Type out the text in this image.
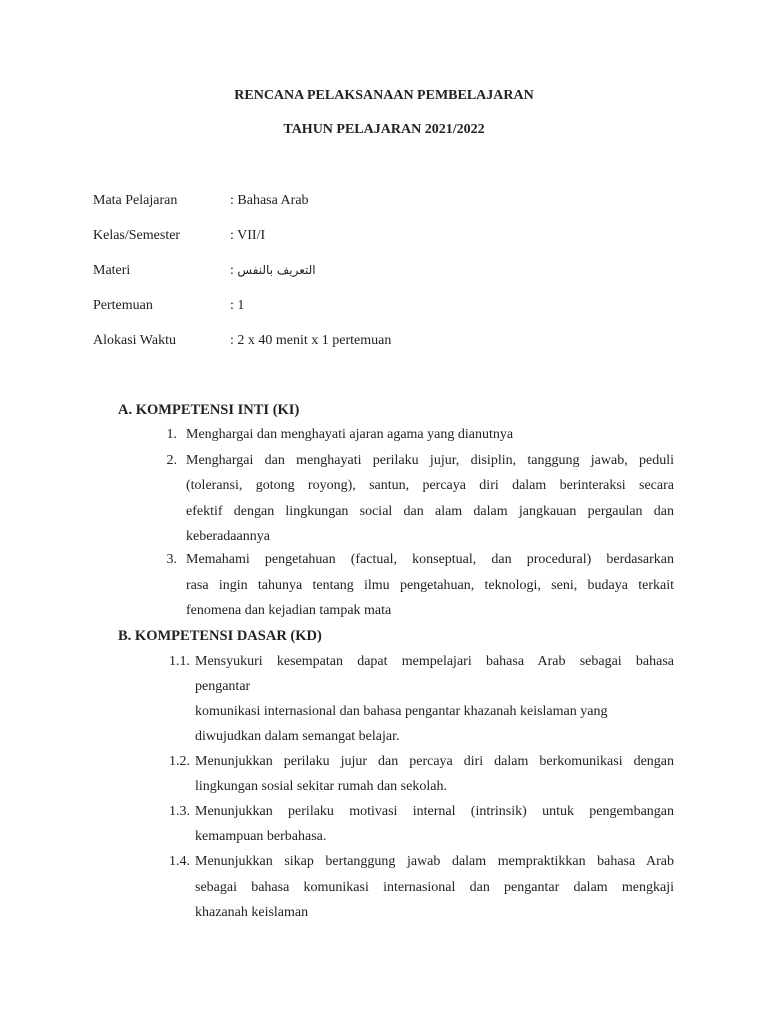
RENCANA PELAKSANAAN PEMBELAJARAN
TAHUN PELAJARAN 2021/2022
Mata Pelajaran	: Bahasa Arab
Kelas/Semester	: VII/I
Materi	: التعريف بالنفس
Pertemuan	: 1
Alokasi Waktu	: 2 x 40 menit x 1 pertemuan
A. KOMPETENSI INTI (KI)
1. Menghargai dan menghayati ajaran agama yang dianutnya
2. Menghargai dan menghayati perilaku jujur, disiplin, tanggung jawab, peduli
(toleransi, gotong royong), santun, percaya diri dalam berinteraksi secara
efektif dengan lingkungan social dan alam dalam jangkauan pergaulan dan
keberadaannya
3. Memahami pengetahuan (factual, konseptual, dan procedural) berdasarkan
rasa ingin tahunya tentang ilmu pengetahuan, teknologi, seni, budaya terkait
fenomena dan kejadian tampak mata
B. KOMPETENSI DASAR (KD)
1.1. Mensyukuri kesempatan dapat mempelajari bahasa Arab sebagai bahasa
pengantar
komunikasi internasional dan bahasa pengantar khazanah keislaman yang
diwujudkan dalam semangat belajar.
1.2. Menunjukkan perilaku jujur dan percaya diri dalam berkomunikasi dengan
lingkungan sosial sekitar rumah dan sekolah.
1.3. Menunjukkan perilaku motivasi internal (intrinsik) untuk pengembangan
kemampuan berbahasa.
1.4. Menunjukkan sikap bertanggung jawab dalam mempraktikkan bahasa Arab
sebagai bahasa komunikasi internasional dan pengantar dalam mengkaji
khazanah keislaman
